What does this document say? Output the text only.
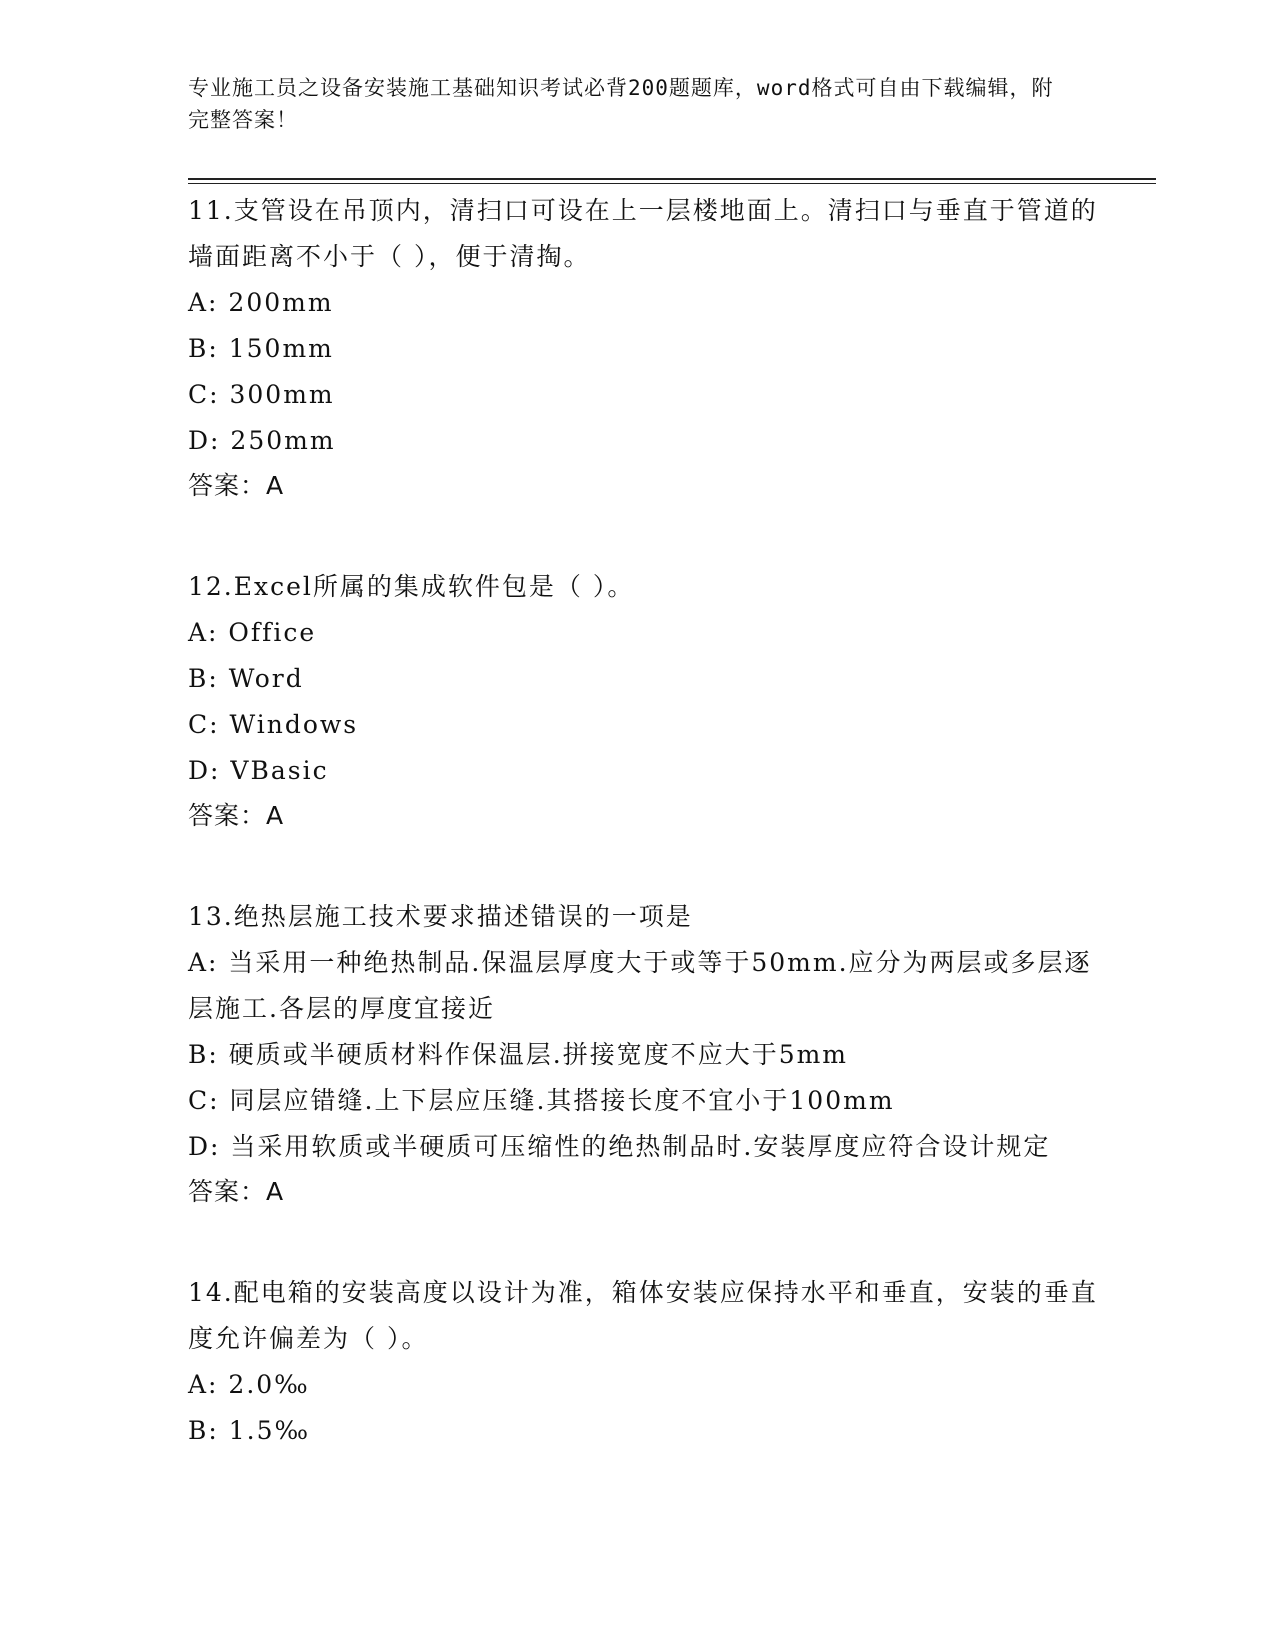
专业施工员之设备安装施工基础知识考试必背200题题库，word格式可自由下载编辑，附完整答案！
11.支管设在吊顶内，清扫口可设在上一层楼地面上。清扫口与垂直于管道的墙面距离不小于（ ），便于清掏。
A: 200mm
B: 150mm
C: 300mm
D: 250mm
答案：A
12.Excel所属的集成软件包是（ ）。
A: Office
B: Word
C: Windows
D: VBasic
答案：A
13.绝热层施工技术要求描述错误的一项是
A: 当采用一种绝热制品.保温层厚度大于或等于50mm.应分为两层或多层逐层施工.各层的厚度宜接近
B: 硬质或半硬质材料作保温层.拼接宽度不应大于5mm
C: 同层应错缝.上下层应压缝.其搭接长度不宜小于100mm
D: 当采用软质或半硬质可压缩性的绝热制品时.安装厚度应符合设计规定
答案：A
14.配电箱的安装高度以设计为准，箱体安装应保持水平和垂直，安装的垂直度允许偏差为（ ）。
A: 2.0‰
B: 1.5‰
